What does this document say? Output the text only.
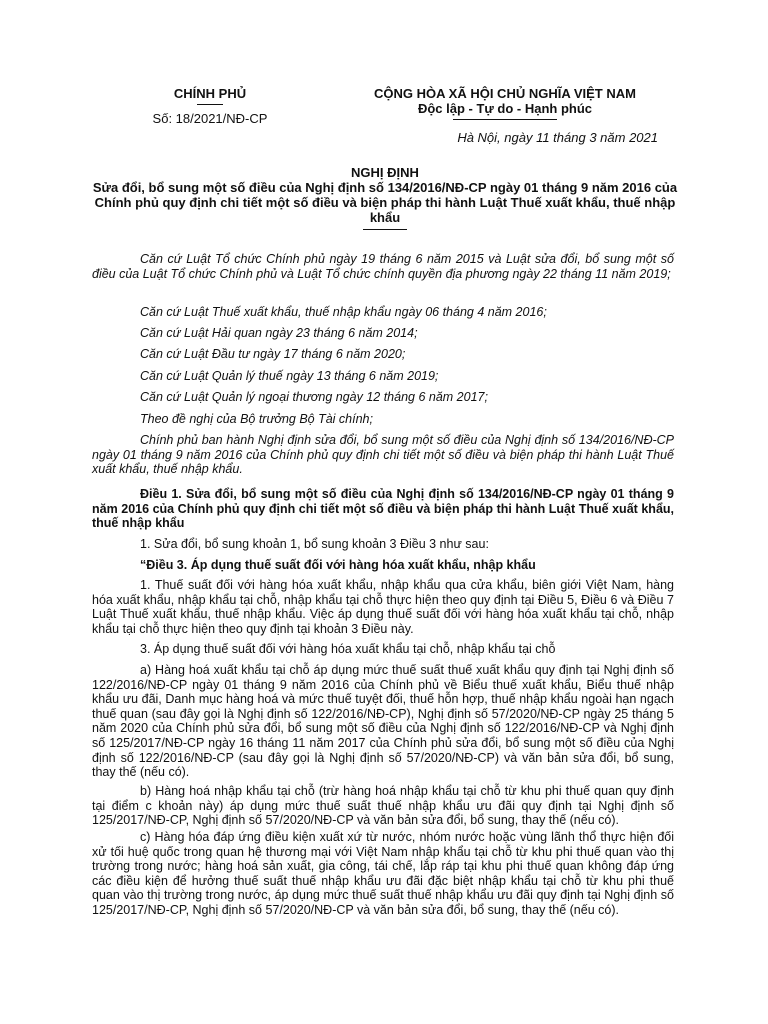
CHÍNH PHỦ
Số: 18/2021/NĐ-CP
CỘNG HÒA XÃ HỘI CHỦ NGHĨA VIỆT NAM
Độc lập - Tự do - Hạnh phúc
Hà Nội, ngày 11 tháng 3 năm 2021
NGHỊ ĐỊNH
Sửa đổi, bổ sung một số điều của Nghị định số 134/2016/NĐ-CP ngày 01 tháng 9 năm 2016 của Chính phủ quy định chi tiết một số điều và biện pháp thi hành Luật Thuế xuất khẩu, thuế nhập khẩu
Căn cứ Luật Tổ chức Chính phủ ngày 19 tháng 6 năm 2015 và Luật sửa đổi, bổ sung một số điều của Luật Tổ chức Chính phủ và Luật Tổ chức chính quyền địa phương ngày 22 tháng 11 năm 2019;
Căn cứ Luật Thuế xuất khẩu, thuế nhập khẩu ngày 06 tháng 4 năm 2016;
Căn cứ Luật Hải quan ngày 23 tháng 6 năm 2014;
Căn cứ Luật Đầu tư ngày 17 tháng 6 năm 2020;
Căn cứ Luật Quản lý thuế ngày 13 tháng 6 năm 2019;
Căn cứ Luật Quản lý ngoại thương ngày 12 tháng 6 năm 2017;
Theo đề nghị của Bộ trưởng Bộ Tài chính;
Chính phủ ban hành Nghị định sửa đổi, bổ sung một số điều của Nghị định số 134/2016/NĐ-CP ngày 01 tháng 9 năm 2016 của Chính phủ quy định chi tiết một số điều và biện pháp thi hành Luật Thuế xuất khẩu, thuế nhập khẩu.
Điều 1. Sửa đổi, bổ sung một số điều của Nghị định số 134/2016/NĐ-CP ngày 01 tháng 9 năm 2016 của Chính phủ quy định chi tiết một số điều và biện pháp thi hành Luật Thuế xuất khẩu, thuế nhập khẩu
1. Sửa đổi, bổ sung khoản 1, bổ sung khoản 3 Điều 3 như sau:
“Điều 3. Áp dụng thuế suất đối với hàng hóa xuất khẩu, nhập khẩu
1. Thuế suất đối với hàng hóa xuất khẩu, nhập khẩu qua cửa khẩu, biên giới Việt Nam, hàng hóa xuất khẩu, nhập khẩu tại chỗ, nhập khẩu tại chỗ thực hiện theo quy định tại Điều 5, Điều 6 và Điều 7 Luật Thuế xuất khẩu, thuế nhập khẩu. Việc áp dụng thuế suất đối với hàng hóa xuất khẩu tại chỗ, nhập khẩu tại chỗ thực hiện theo quy định tại khoản 3 Điều này.
3. Áp dụng thuế suất đối với hàng hóa xuất khẩu tại chỗ, nhập khẩu tại chỗ
a) Hàng hoá xuất khẩu tại chỗ áp dụng mức thuế suất thuế xuất khẩu quy định tại Nghị định số 122/2016/NĐ-CP ngày 01 tháng 9 năm 2016 của Chính phủ về Biểu thuế xuất khẩu, Biểu thuế nhập khẩu ưu đãi, Danh mục hàng hoá và mức thuế tuyệt đối, thuế hỗn hợp, thuế nhập khẩu ngoài hạn ngạch thuế quan (sau đây gọi là Nghị định số 122/2016/NĐ-CP), Nghị định số 57/2020/NĐ-CP ngày 25 tháng 5 năm 2020 của Chính phủ sửa đổi, bổ sung một số điều của Nghị định số 122/2016/NĐ-CP và Nghị định số 125/2017/NĐ-CP ngày 16 tháng 11 năm 2017 của Chính phủ sửa đổi, bổ sung một số điều của Nghị định số 122/2016/NĐ-CP (sau đây gọi là Nghị định số 57/2020/NĐ-CP) và văn bản sửa đổi, bổ sung, thay thế (nếu có).
b) Hàng hoá nhập khẩu tại chỗ (trừ hàng hoá nhập khẩu tại chỗ từ khu phi thuế quan quy định tại điểm c khoản này) áp dụng mức thuế suất thuế nhập khẩu ưu đãi quy định tại Nghị định số 125/2017/NĐ-CP, Nghị định số 57/2020/NĐ-CP và văn bản sửa đổi, bổ sung, thay thế (nếu có).
c) Hàng hóa đáp ứng điều kiện xuất xứ từ nước, nhóm nước hoặc vùng lãnh thổ thực hiện đối xử tối huệ quốc trong quan hệ thương mại với Việt Nam nhập khẩu tại chỗ từ khu phi thuế quan vào thị trường trong nước; hàng hoá sản xuất, gia công, tái chế, lắp ráp tại khu phi thuế quan không đáp ứng các điều kiện để hưởng thuế suất thuế nhập khẩu ưu đãi đặc biệt nhập khẩu tại chỗ từ khu phi thuế quan vào thị trường trong nước, áp dụng mức thuế suất thuế nhập khẩu ưu đãi quy định tại Nghị định số 125/2017/NĐ-CP, Nghị định số 57/2020/NĐ-CP và văn bản sửa đổi, bổ sung, thay thế (nếu có).
